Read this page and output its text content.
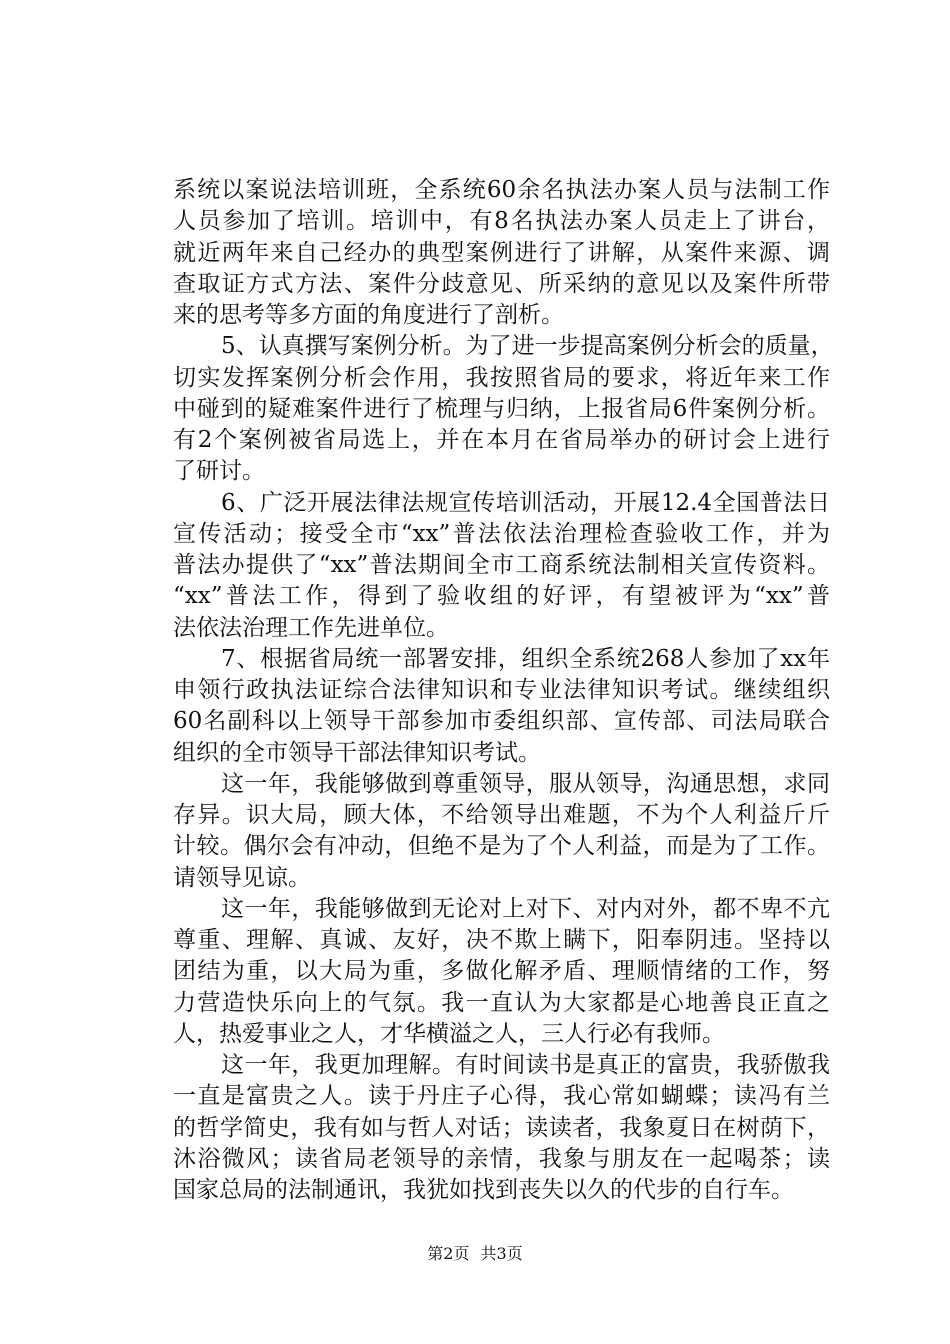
系统以案说法培训班，全系统60余名执法办案人员与法制工作
人员参加了培训。培训中，有8名执法办案人员走上了讲台，
就近两年来自己经办的典型案例进行了讲解，从案件来源、调
查取证方式方法、案件分歧意见、所采纳的意见以及案件所带
来的思考等多方面的角度进行了剖析。
5、认真撰写案例分析。为了进一步提高案例分析会的质量，
切实发挥案例分析会作用，我按照省局的要求，将近年来工作
中碰到的疑难案件进行了梳理与归纳，上报省局6件案例分析。
有2个案例被省局选上，并在本月在省局举办的研讨会上进行
了研讨。
6、广泛开展法律法规宣传培训活动，开展12.4全国普法日
宣传活动；接受全市“xx”普法依法治理检查验收工作，并为
普法办提供了“xx”普法期间全市工商系统法制相关宣传资料。
“xx”普法工作，得到了验收组的好评，有望被评为“xx”普
法依法治理工作先进单位。
7、根据省局统一部署安排，组织全系统268人参加了xx年
申领行政执法证综合法律知识和专业法律知识考试。继续组织
60名副科以上领导干部参加市委组织部、宣传部、司法局联合
组织的全市领导干部法律知识考试。
这一年，我能够做到尊重领导，服从领导，沟通思想，求同
存异。识大局，顾大体，不给领导出难题，不为个人利益斤斤
计较。偶尔会有冲动，但绝不是为了个人利益，而是为了工作。
请领导见谅。
这一年，我能够做到无论对上对下、对内对外，都不卑不亢
尊重、理解、真诚、友好，决不欺上瞒下，阳奉阴违。坚持以
团结为重，以大局为重，多做化解矛盾、理顺情绪的工作，努
力营造快乐向上的气氛。我一直认为大家都是心地善良正直之
人，热爱事业之人，才华横溢之人，三人行必有我师。
这一年，我更加理解。有时间读书是真正的富贵，我骄傲我
一直是富贵之人。读于丹庄子心得，我心常如蝴蝶；读冯有兰
的哲学简史，我有如与哲人对话；读读者，我象夏日在树荫下，
沐浴微风；读省局老领导的亲情，我象与朋友在一起喝茶；读
国家总局的法制通讯，我犹如找到丧失以久的代步的自行车。
第2页 共3页
